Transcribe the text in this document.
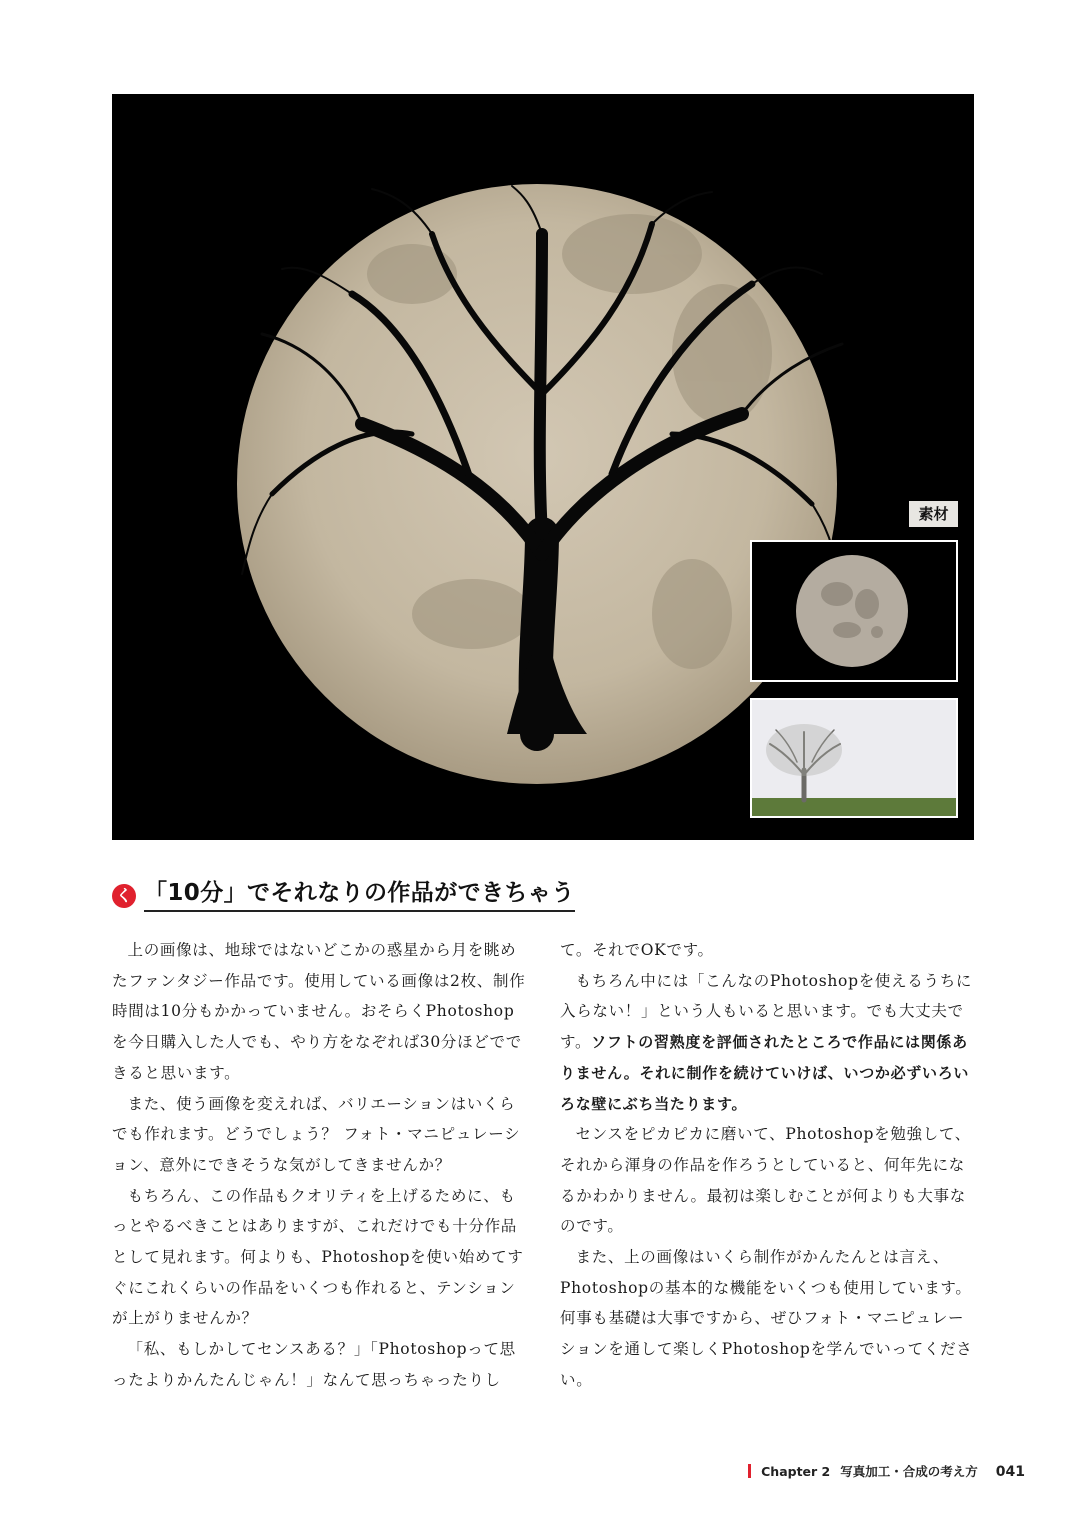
素材
く 「10分」でそれなりの作品ができちゃう

上の画像は、地球ではないどこかの惑星から月を眺めたファンタジー作品です。使用している画像は2枚、制作時間は10分もかかっていません。おそらくPhotoshopを今日購入した人でも、やり方をなぞれば30分ほどでできると思います。

また、使う画像を変えれば、バリエーションはいくらでも作れます。どうでしょう？ フォト・マニピュレーション、意外にできそうな気がしてきませんか？

もちろん、この作品もクオリティを上げるために、もっとやるべきことはありますが、これだけでも十分作品として見れます。何よりも、Photoshopを使い始めてすぐにこれくらいの作品をいくつも作れると、テンションが上がりませんか？

「私、もしかしてセンスある？」「Photoshopって思ったよりかんたんじゃん！」なんて思っちゃったりし

て。それでOKです。

もちろん中には「こんなのPhotoshopを使えるうちに入らない！」という人もいると思います。でも大丈夫です。ソフトの習熟度を評価されたところで作品には関係ありません。それに制作を続けていけば、いつか必ずいろいろな壁にぶち当たります。

センスをピカピカに磨いて、Photoshopを勉強して、それから渾身の作品を作ろうとしていると、何年先になるかわかりません。最初は楽しむことが何よりも大事なのです。

また、上の画像はいくら制作がかんたんとは言え、Photoshopの基本的な機能をいくつも使用しています。何事も基礎は大事ですから、ぜひフォト・マニピュレーションを通して楽しくPhotoshopを学んでいってください。

Chapter 2 写真加工・合成の考え方 041
